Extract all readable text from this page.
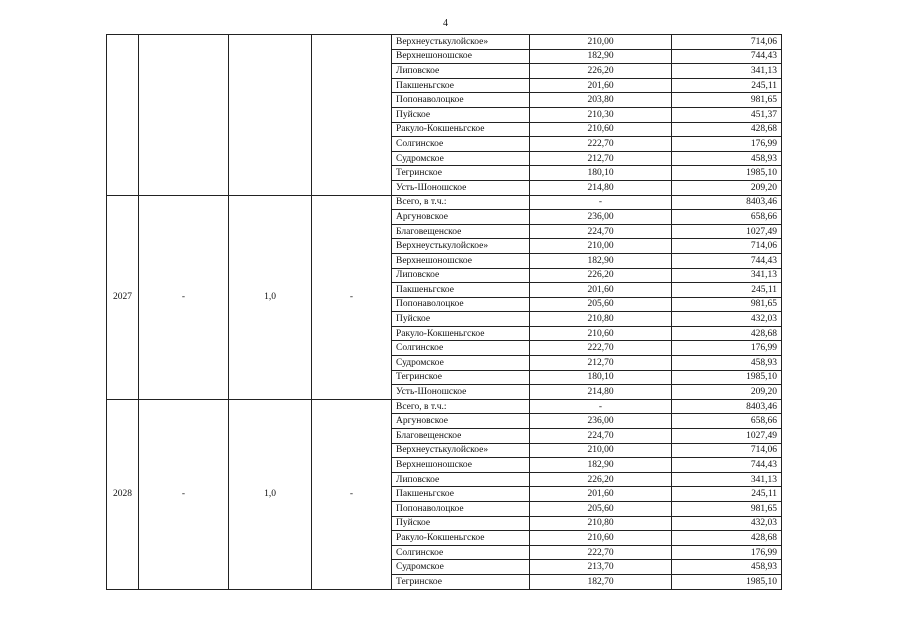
4
				Верхнеустькулойское»	210,00	714,06
				Верхнешоношское	182,90	744,43
				Липовское	226,20	341,13
				Пакшеньгское	201,60	245,11
				Попонаволоцкое	203,80	981,65
				Пуйское	210,30	451,37
				Ракуло-Кокшеньгское	210,60	428,68
				Солгинское	222,70	176,99
				Судромское	212,70	458,93
				Тегринское	180,10	1985,10
				Усть-Шоношское	214,80	209,20
2027	-	1,0	-	Всего, в т.ч.:	-	8403,46
				Аргуновское	236,00	658,66
				Благовещенское	224,70	1027,49
				Верхнеустькулойское»	210,00	714,06
				Верхнешоношское	182,90	744,43
				Липовское	226,20	341,13
				Пакшеньгское	201,60	245,11
				Попонаволоцкое	205,60	981,65
				Пуйское	210,80	432,03
				Ракуло-Кокшеньгское	210,60	428,68
				Солгинское	222,70	176,99
				Судромское	212,70	458,93
				Тегринское	180,10	1985,10
				Усть-Шоношское	214,80	209,20
2028	-	1,0	-	Всего, в т.ч.:	-	8403,46
				Аргуновское	236,00	658,66
				Благовещенское	224,70	1027,49
				Верхнеустькулойское»	210,00	714,06
				Верхнешоношское	182,90	744,43
				Липовское	226,20	341,13
				Пакшеньгское	201,60	245,11
				Попонаволоцкое	205,60	981,65
				Пуйское	210,80	432,03
				Ракуло-Кокшеньгское	210,60	428,68
				Солгинское	222,70	176,99
				Судромское	213,70	458,93
				Тегринское	182,70	1985,10
